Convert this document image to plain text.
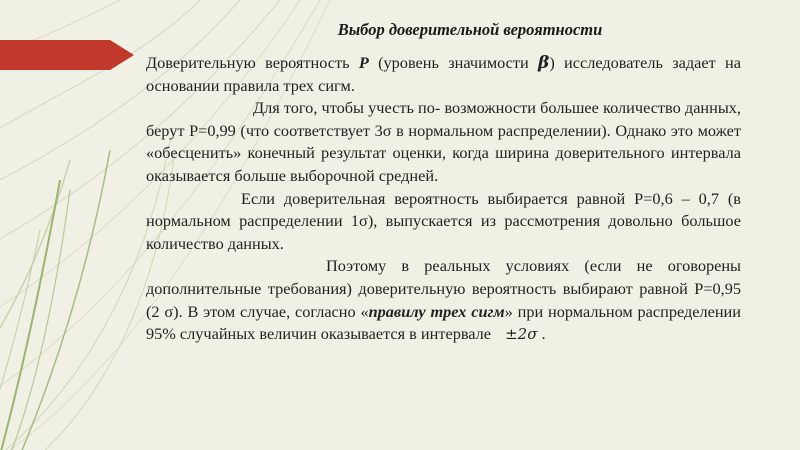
Выбор доверительной вероятности

Доверительную вероятность P (уровень значимости β) исследователь задает на основании правила трех сигм.

Для того, чтобы учесть по- возможности большее количество данных, берут P=0,99 (что соответствует 3σ в нормальном распределении). Однако это может «обесценить» конечный результат оценки, когда ширина доверительного интервала оказывается больше выборочной средней.

Если доверительная вероятность выбирается равной P=0,6 – 0,7 (в нормальном распределении 1σ), выпускается из рассмотрения довольно большое количество данных.

Поэтому в реальных условиях (если не оговорены дополнительные требования) доверительную вероятность выбирают равной P=0,95 (2 σ). В этом случае, согласно «правилу трех сигм» при нормальном распределении 95% случайных величин оказывается в интервале ±2σ .
